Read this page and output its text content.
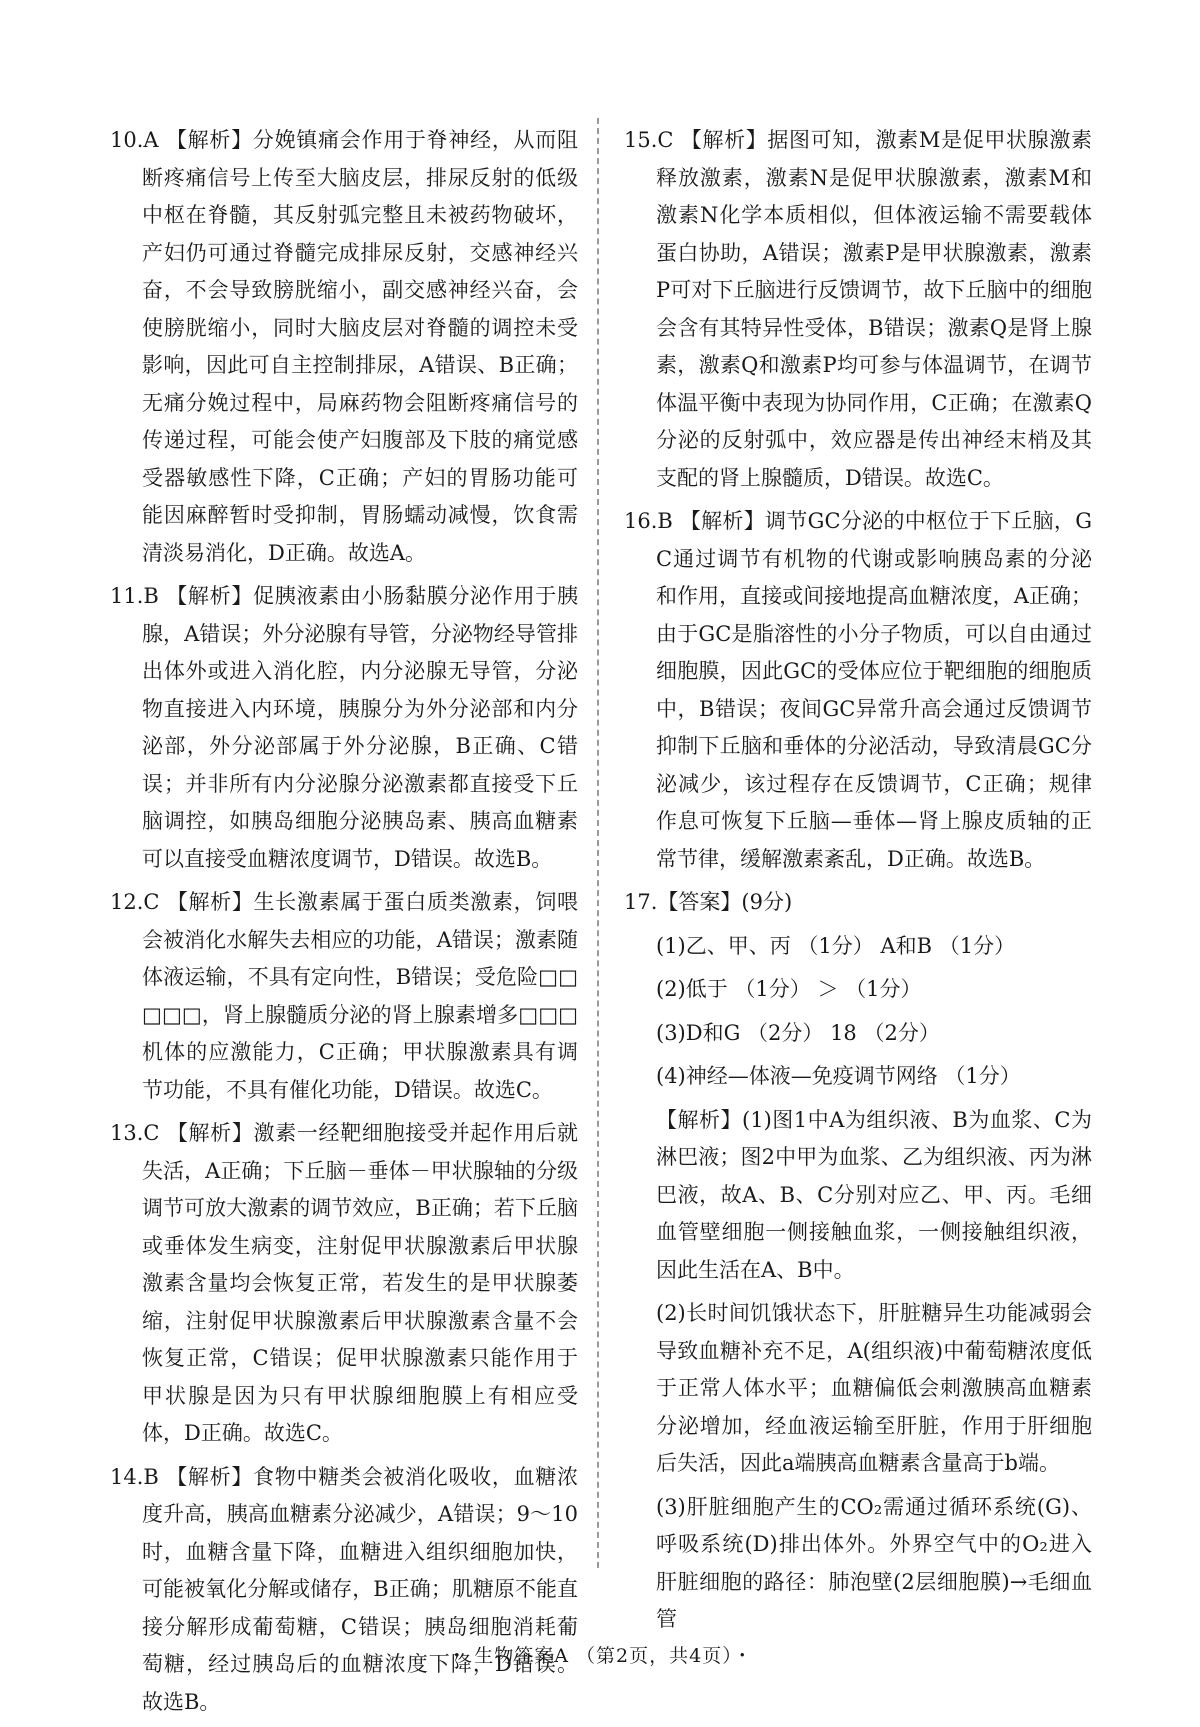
10.A 【解析】分娩镇痛会作用于脊神经，从而阻断疼痛信号上传至大脑皮层，排尿反射的低级中枢在脊髓，其反射弧完整且未被药物破坏，产妇仍可通过脊髓完成排尿反射，交感神经兴奋，不会导致膀胱缩小，副交感神经兴奋，会使膀胱缩小，同时大脑皮层对脊髓的调控未受影响，因此可自主控制排尿，A错误、B正确；无痛分娩过程中，局麻药物会阻断疼痛信号的传递过程，可能会使产妇腹部及下肢的痛觉感受器敏感性下降，C正确；产妇的胃肠功能可能因麻醉暂时受抑制，胃肠蠕动减慢，饮食需清淡易消化，D正确。故选A。

11.B 【解析】促胰液素由小肠黏膜分泌作用于胰腺，A错误；外分泌腺有导管，分泌物经导管排出体外或进入消化腔，内分泌腺无导管，分泌物直接进入内环境，胰腺分为外分泌部和内分泌部，外分泌部属于外分泌腺，B正确、C错误；并非所有内分泌腺分泌激素都直接受下丘脑调控，如胰岛细胞分泌胰岛素、胰高血糖素可以直接受血糖浓度调节，D错误。故选B。

12.C 【解析】生长激素属于蛋白质类激素，饲喂会被消化水解失去相应的功能，A错误；激素随体液运输，不具有定向性，B错误；受危险□□□□□，肾上腺髓质分泌的肾上腺素增多□□□机体的应激能力，C正确；甲状腺激素具有调节功能，不具有催化功能，D错误。故选C。

13.C 【解析】激素一经靶细胞接受并起作用后就失活，A正确；下丘脑－垂体－甲状腺轴的分级调节可放大激素的调节效应，B正确；若下丘脑或垂体发生病变，注射促甲状腺激素后甲状腺激素含量均会恢复正常，若发生的是甲状腺萎缩，注射促甲状腺激素后甲状腺激素含量不会恢复正常，C错误；促甲状腺激素只能作用于甲状腺是因为只有甲状腺细胞膜上有相应受体，D正确。故选C。

14.B 【解析】食物中糖类会被消化吸收，血糖浓度升高，胰高血糖素分泌减少，A错误；9～10时，血糖含量下降，血糖进入组织细胞加快，可能被氧化分解或储存，B正确；肌糖原不能直接分解形成葡萄糖，C错误；胰岛细胞消耗葡萄糖，经过胰岛后的血糖浓度下降，D错误。故选B。

15.C 【解析】据图可知，激素M是促甲状腺激素释放激素，激素N是促甲状腺激素，激素M和激素N化学本质相似，但体液运输不需要载体蛋白协助，A错误；激素P是甲状腺激素，激素P可对下丘脑进行反馈调节，故下丘脑中的细胞会含有其特异性受体，B错误；激素Q是肾上腺素，激素Q和激素P均可参与体温调节，在调节体温平衡中表现为协同作用，C正确；在激素Q分泌的反射弧中，效应器是传出神经末梢及其支配的肾上腺髓质，D错误。故选C。

16.B 【解析】调节GC分泌的中枢位于下丘脑，GC通过调节有机物的代谢或影响胰岛素的分泌和作用，直接或间接地提高血糖浓度，A正确；由于GC是脂溶性的小分子物质，可以自由通过细胞膜，因此GC的受体应位于靶细胞的细胞质中，B错误；夜间GC异常升高会通过反馈调节抑制下丘脑和垂体的分泌活动，导致清晨GC分泌减少，该过程存在反馈调节，C正确；规律作息可恢复下丘脑—垂体—肾上腺皮质轴的正常节律，缓解激素紊乱，D正确。故选B。

17.【答案】(9分)

(1)乙、甲、丙 （1分） A和B （1分）

(2)低于 （1分） ＞ （1分）

(3)D和G （2分） 18 （2分）

(4)神经—体液—免疫调节网络 （1分）

【解析】(1)图1中A为组织液、B为血浆、C为淋巴液；图2中甲为血浆、乙为组织液、丙为淋巴液，故A、B、C分别对应乙、甲、丙。毛细血管壁细胞一侧接触血浆，一侧接触组织液，因此生活在A、B中。

(2)长时间饥饿状态下，肝脏糖异生功能减弱会导致血糖补充不足，A(组织液)中葡萄糖浓度低于正常人体水平；血糖偏低会刺激胰高血糖素分泌增加，经血液运输至肝脏，作用于肝细胞后失活，因此a端胰高血糖素含量高于b端。

(3)肝脏细胞产生的CO₂需通过循环系统(G)、呼吸系统(D)排出体外。外界空气中的O₂进入肝脏细胞的路径：肺泡壁(2层细胞膜)→毛细血管

・ 生物答案A （第2页，共4页）・
